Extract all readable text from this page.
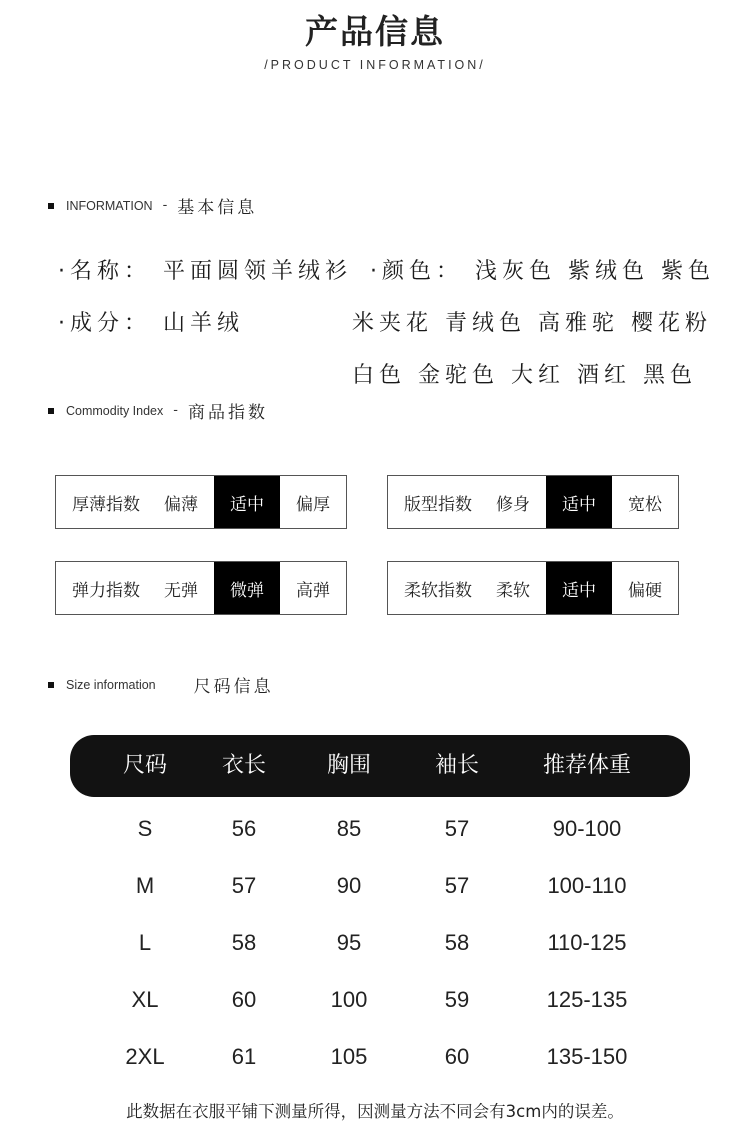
产品信息
/PRODUCT INFORMATION/
INFORMATION - 基本信息
·名称： 平面圆领羊绒衫
·成分： 山羊绒
·颜色： 浅灰色 紫绒色 紫色
米夹花 青绒色 高雅驼 樱花粉
白色 金驼色 大红 酒红 黑色
Commodity Index - 商品指数
厚薄指数	偏薄	适中	偏厚	版型指数	修身	适中	宽松
弹力指数	无弹	微弹	高弹	柔软指数	柔软	适中	偏硬
Size information 尺码信息
尺码	衣长	胸围	袖长	推荐体重
S	56	85	57	90-100
M	57	90	57	100-110
L	58	95	58	110-125
XL	60	100	59	125-135
2XL	61	105	60	135-150
此数据在衣服平铺下测量所得，因测量方法不同会有3cm内的误差。
